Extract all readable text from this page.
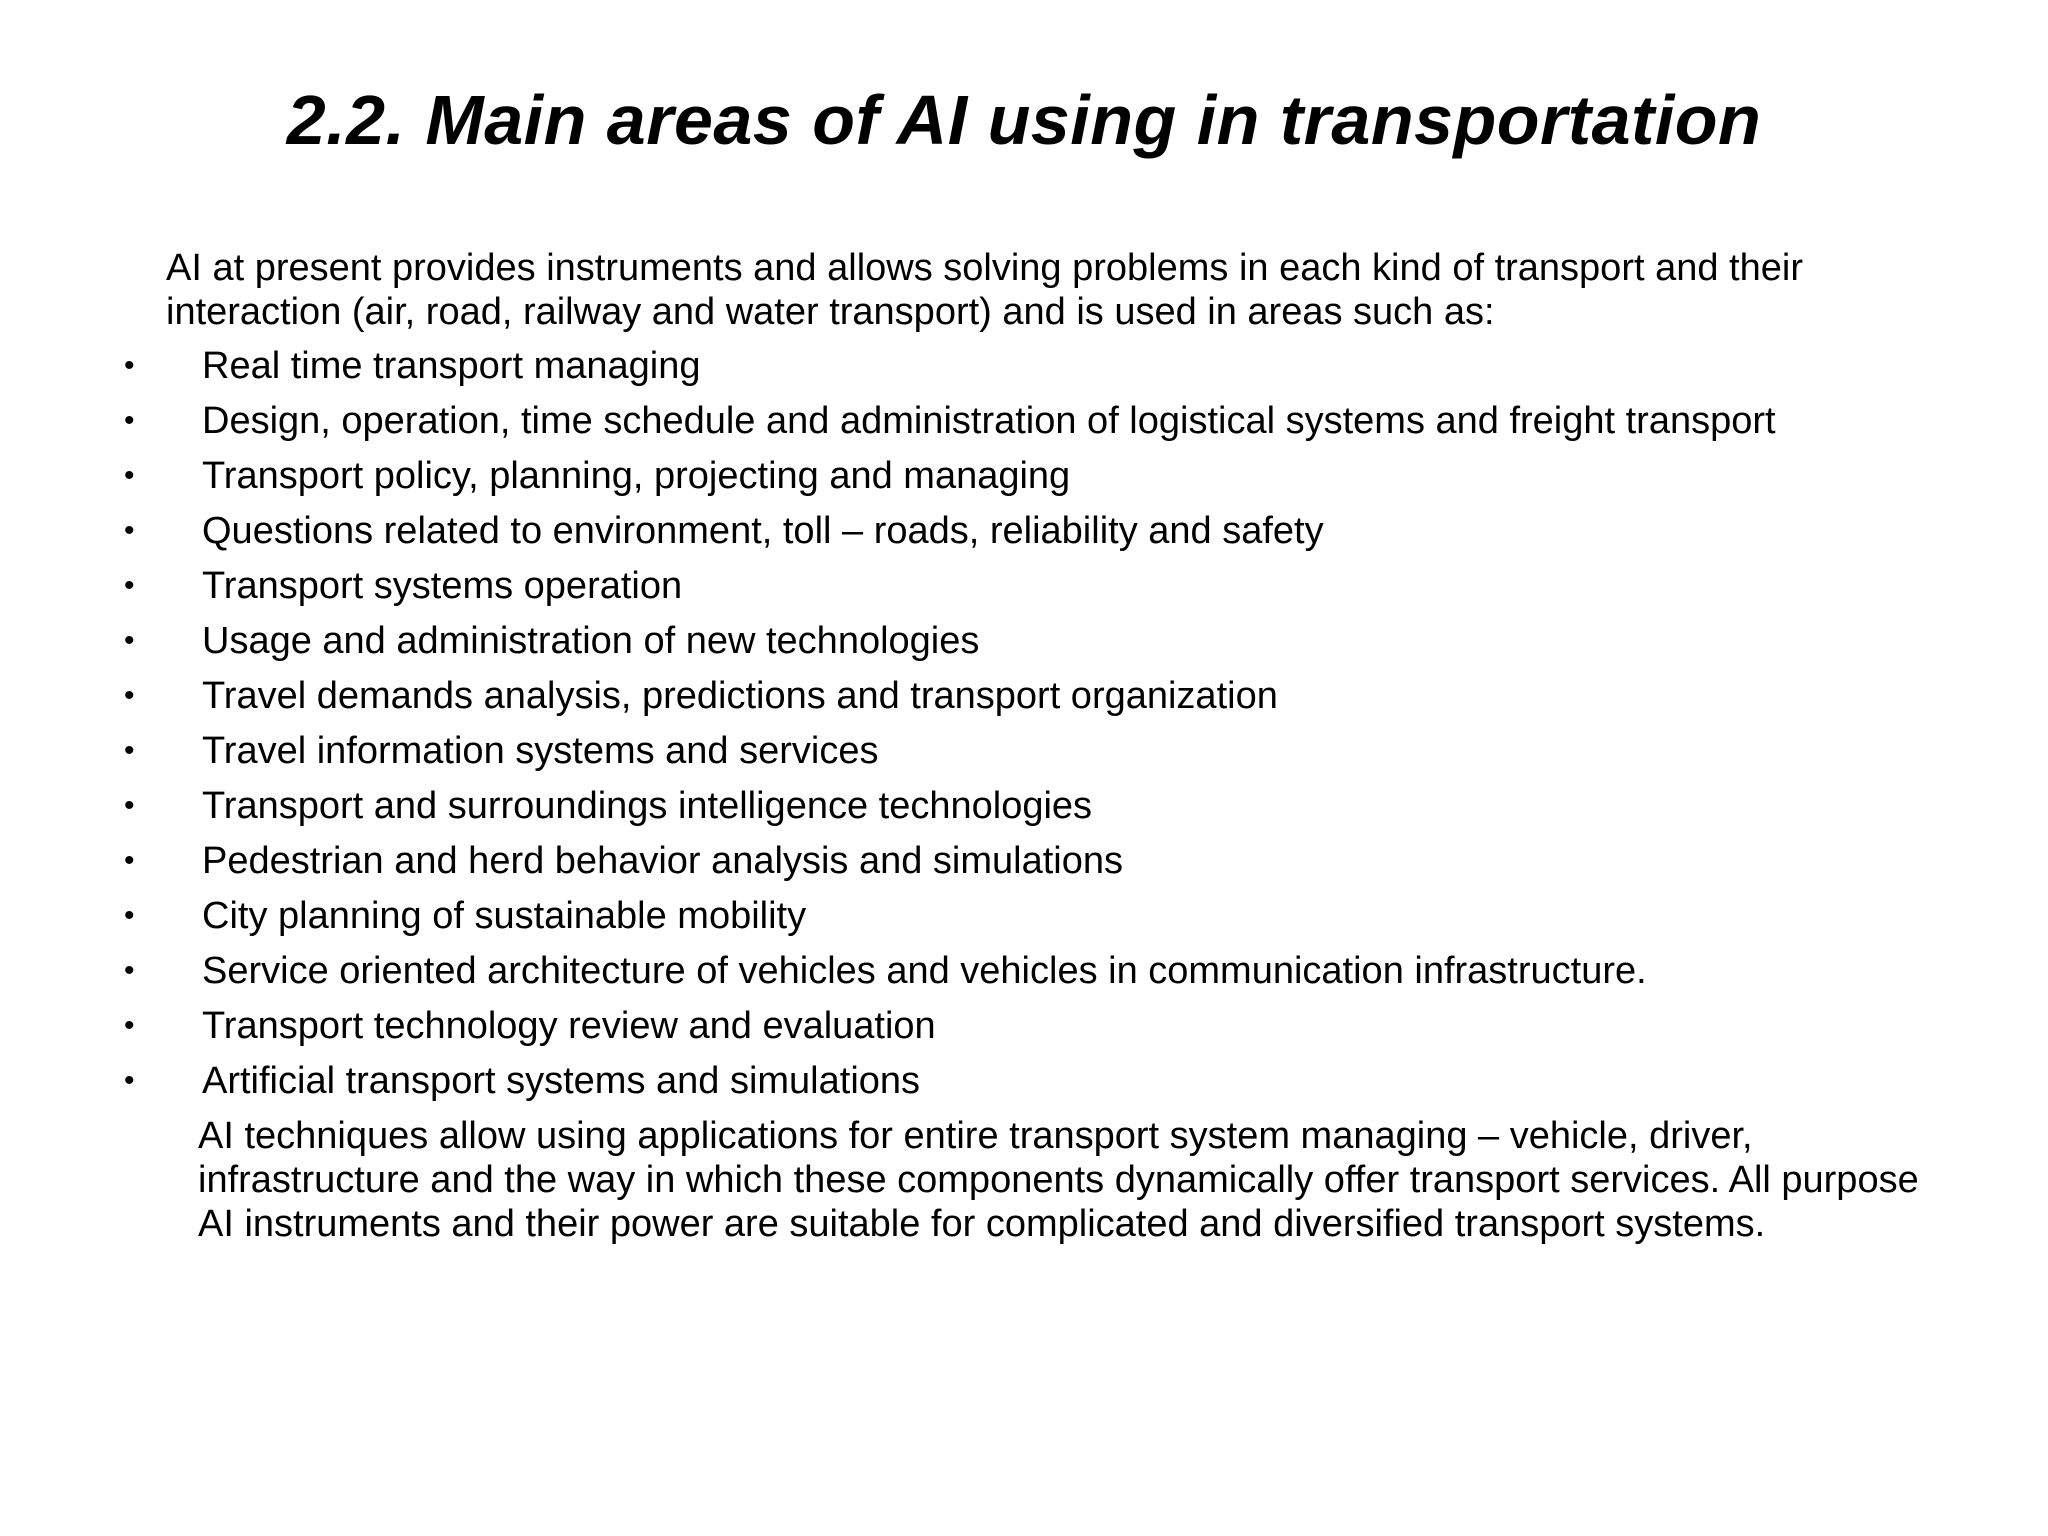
2.2. Main areas of AI using in transportation

AI at present provides instruments and allows solving problems in each kind of transport and their interaction (air, road, railway and water transport) and is used in areas such as:

• Real time transport managing
• Design, operation, time schedule and administration of logistical systems and freight transport
• Transport policy, planning, projecting and managing
• Questions related to environment, toll – roads, reliability and safety
• Transport systems operation
• Usage and administration of new technologies
• Travel demands analysis, predictions and transport organization
• Travel information systems and services
• Transport and surroundings intelligence technologies
• Pedestrian and herd behavior analysis and simulations
• City planning of sustainable mobility
• Service oriented architecture of vehicles and vehicles in communication infrastructure.
• Transport technology review and evaluation
• Artificial transport systems and simulations

AI techniques allow using applications for entire transport system managing – vehicle, driver, infrastructure and the way in which these components dynamically offer transport services. All purpose AI instruments and their power are suitable for complicated and diversified transport systems.
